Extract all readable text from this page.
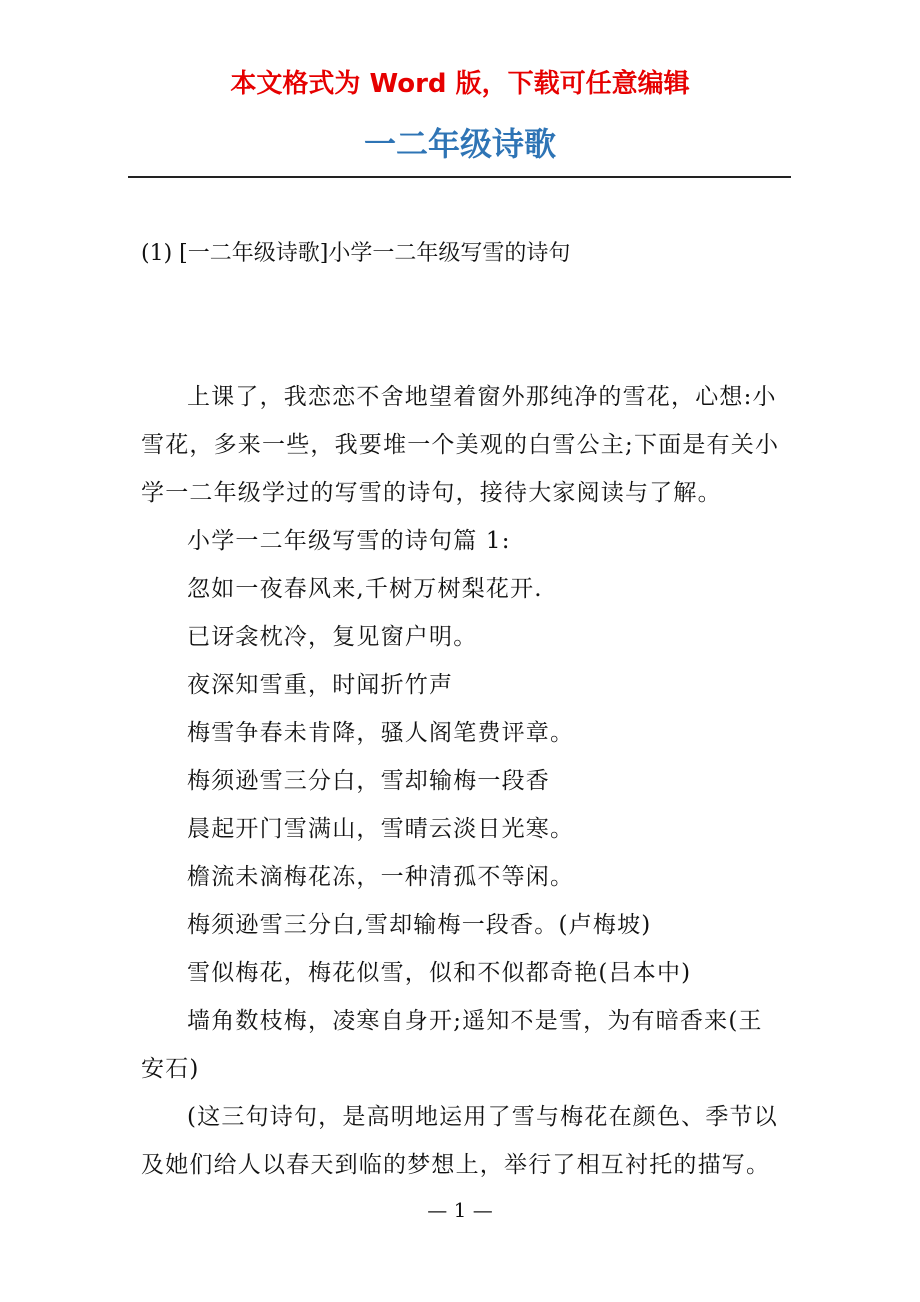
本文格式为 Word 版，下载可任意编辑

一二年级诗歌

(1) [一二年级诗歌]小学一二年级写雪的诗句

上课了，我恋恋不舍地望着窗外那纯净的雪花，心想:小雪花，多来一些，我要堆一个美观的白雪公主;下面是有关小学一二年级学过的写雪的诗句，接待大家阅读与了解。

小学一二年级写雪的诗句篇 1:

忽如一夜春风来,千树万树梨花开.

已讶衾枕冷，复见窗户明。

夜深知雪重，时闻折竹声

梅雪争春未肯降，骚人阁笔费评章。

梅须逊雪三分白，雪却输梅一段香

晨起开门雪满山，雪晴云淡日光寒。

檐流未滴梅花冻，一种清孤不等闲。

梅须逊雪三分白,雪却输梅一段香。(卢梅坡)

雪似梅花，梅花似雪，似和不似都奇艳(吕本中)

墙角数枝梅，凌寒自身开;遥知不是雪，为有暗香来(王安石)

(这三句诗句，是高明地运用了雪与梅花在颜色、季节以及她们给人以春天到临的梦想上，举行了相互衬托的描写。

— 1 —
